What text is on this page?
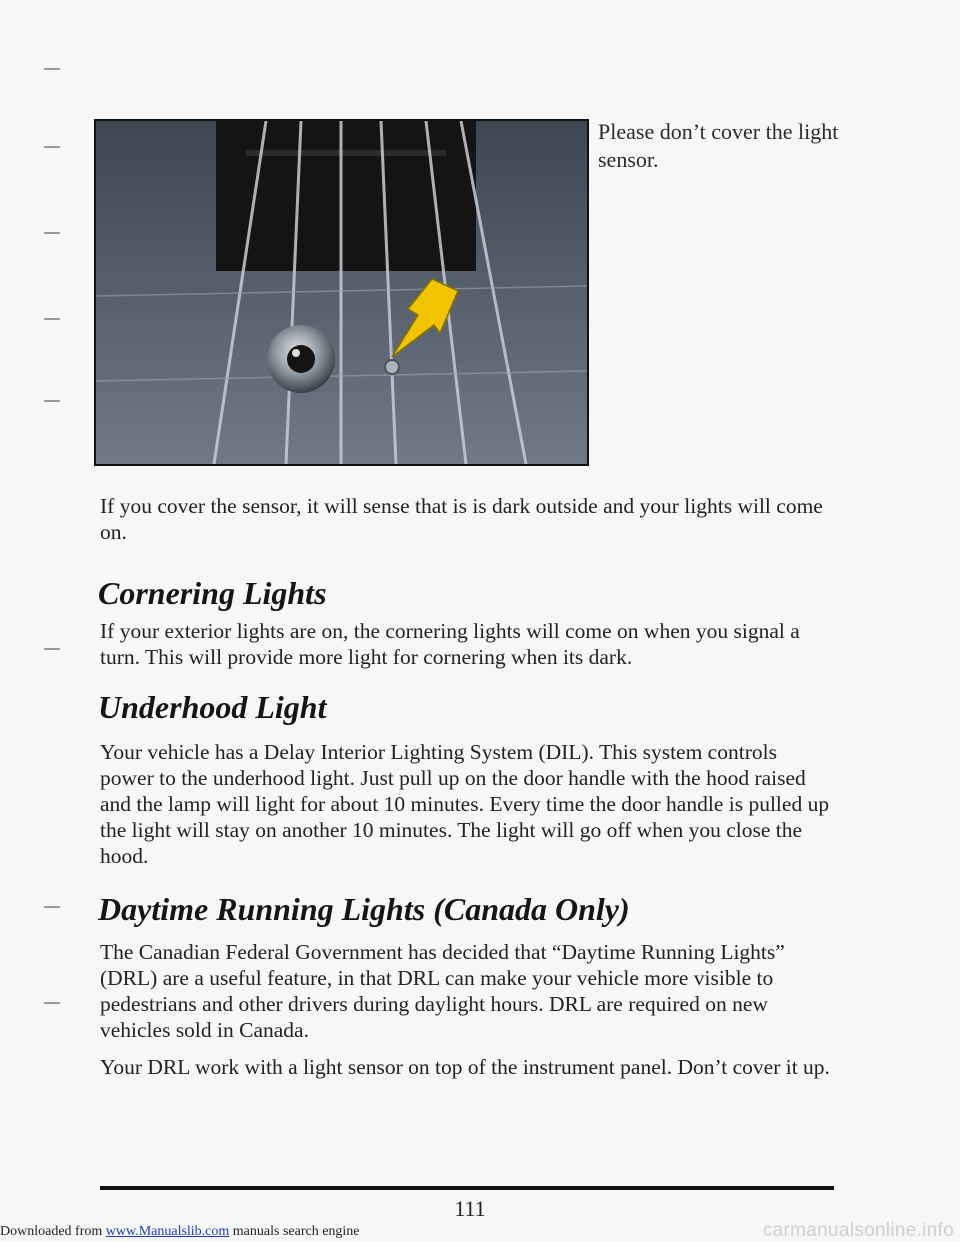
Please don’t cover the light sensor.

If you cover the sensor, it will sense that is is dark outside and your lights will come on.

Cornering Lights

If your exterior lights are on, the cornering lights will come on when you signal a turn. This will provide more light for cornering when its dark.

Underhood Light

Your vehicle has a Delay Interior Lighting System (DIL). This system controls power to the underhood light. Just pull up on the door handle with the hood raised and the lamp will light for about 10 minutes. Every time the door handle is pulled up the light will stay on another 10 minutes. The light will go off when you close the hood.

Daytime Running Lights (Canada Only)

The Canadian Federal Government has decided that “Daytime Running Lights” (DRL) are a useful feature, in that DRL can make your vehicle more visible to pedestrians and other drivers during daylight hours. DRL are required on new vehicles sold in Canada.

Your DRL work with a light sensor on top of the instrument panel. Don’t cover it up.

111
Downloaded from www.Manualslib.com manuals search engine	carmanualsonline.info
